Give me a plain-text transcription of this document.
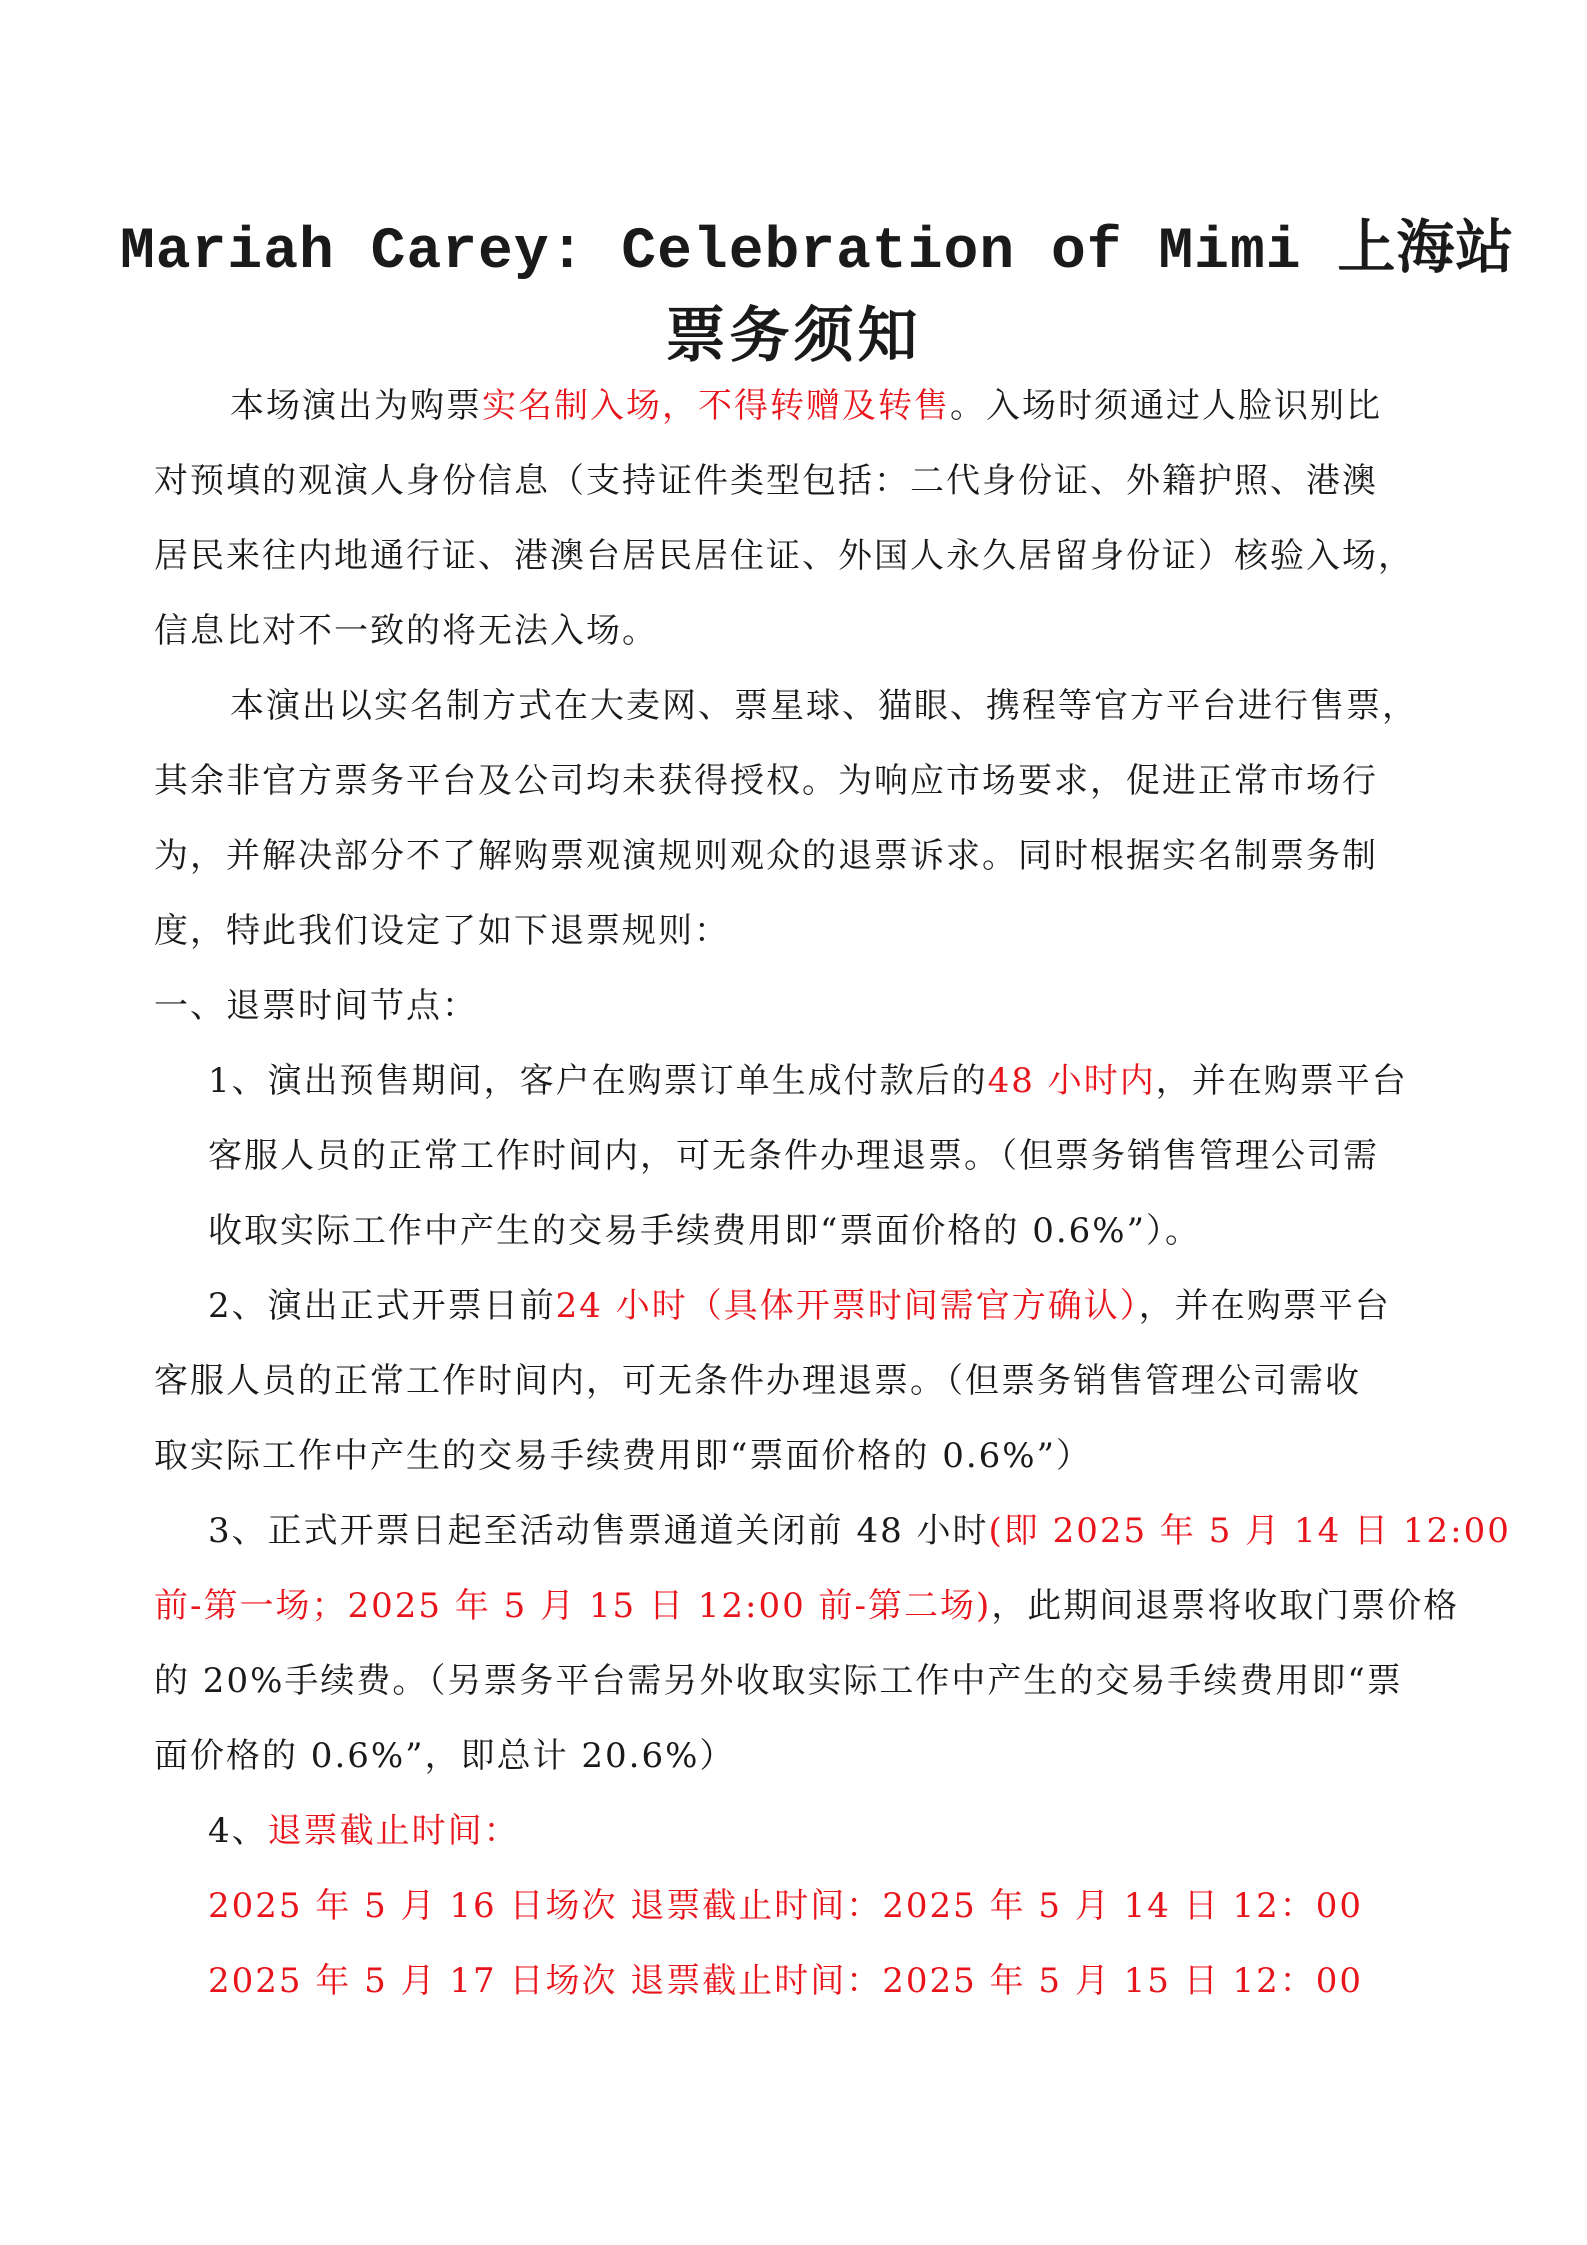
Mariah Carey: Celebration of Mimi 上海站
票务须知
本场演出为购票实名制入场，不得转赠及转售。入场时须通过人脸识别比
对预填的观演人身份信息（支持证件类型包括：二代身份证、外籍护照、港澳
居民来往内地通行证、港澳台居民居住证、外国人永久居留身份证）核验入场，
信息比对不一致的将无法入场。
本演出以实名制方式在大麦网、票星球、猫眼、携程等官方平台进行售票，
其余非官方票务平台及公司均未获得授权。为响应市场要求，促进正常市场行
为，并解决部分不了解购票观演规则观众的退票诉求。同时根据实名制票务制
度，特此我们设定了如下退票规则：
一、退票时间节点：
1、演出预售期间，客户在购票订单生成付款后的48 小时内，并在购票平台
客服人员的正常工作时间内，可无条件办理退票。（但票务销售管理公司需
收取实际工作中产生的交易手续费用即“票面价格的 0.6%”）。
2、演出正式开票日前24 小时（具体开票时间需官方确认），并在购票平台
客服人员的正常工作时间内，可无条件办理退票。（但票务销售管理公司需收
取实际工作中产生的交易手续费用即“票面价格的 0.6%”）
3、正式开票日起至活动售票通道关闭前 48 小时(即 2025 年 5 月 14 日 12:00
前-第一场；2025 年 5 月 15 日 12:00 前-第二场)，此期间退票将收取门票价格
的 20%手续费。（另票务平台需另外收取实际工作中产生的交易手续费用即“票
面价格的 0.6%”，即总计 20.6%）
4、退票截止时间：
2025 年 5 月 16 日场次 退票截止时间：2025 年 5 月 14 日 12：00
2025 年 5 月 17 日场次 退票截止时间：2025 年 5 月 15 日 12：00
